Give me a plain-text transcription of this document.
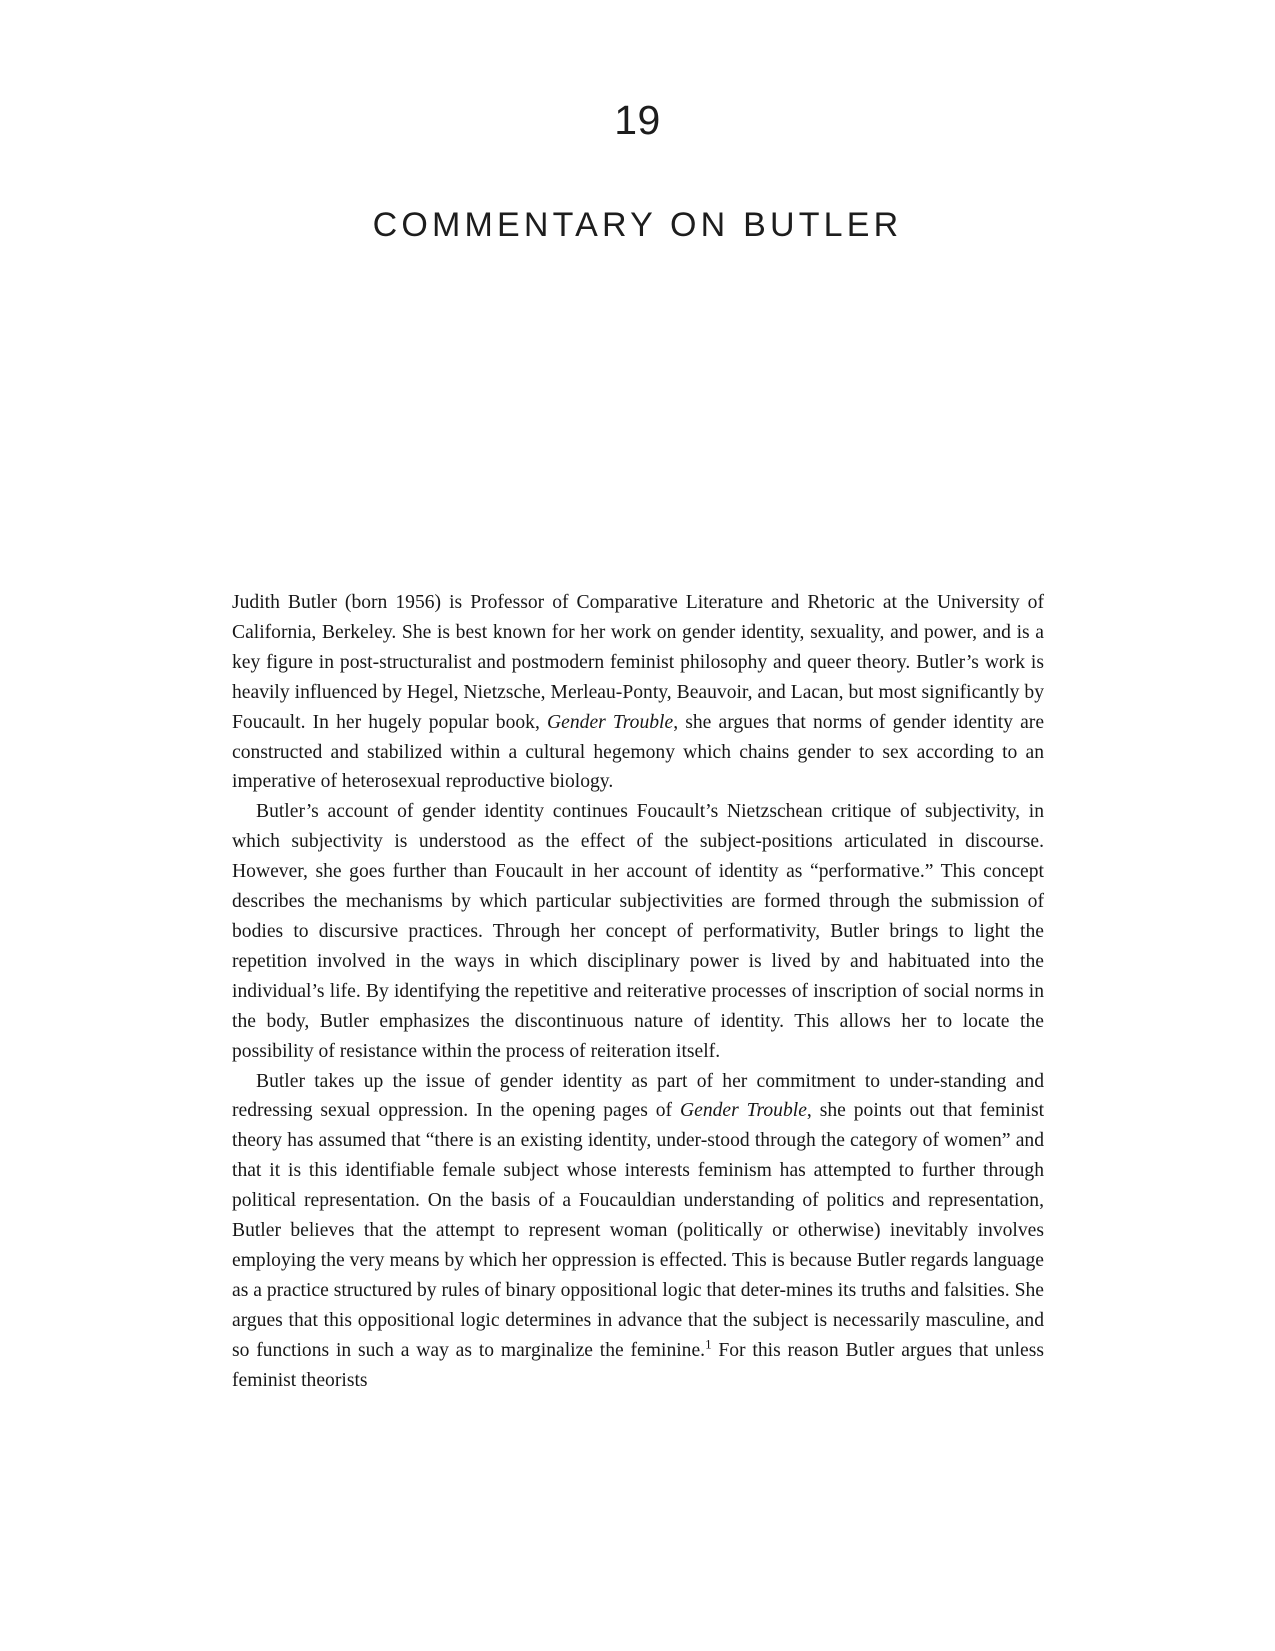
19
COMMENTARY ON BUTLER

Judith Butler (born 1956) is Professor of Comparative Literature and Rhetoric at the University of California, Berkeley. She is best known for her work on gender identity, sexuality, and power, and is a key figure in post-structuralist and postmodern feminist philosophy and queer theory. Butler’s work is heavily influenced by Hegel, Nietzsche, Merleau-Ponty, Beauvoir, and Lacan, but most significantly by Foucault. In her hugely popular book, Gender Trouble, she argues that norms of gender identity are constructed and stabilized within a cultural hegemony which chains gender to sex according to an imperative of heterosexual reproductive biology.

Butler’s account of gender identity continues Foucault’s Nietzschean critique of subjectivity, in which subjectivity is understood as the effect of the subject-positions articulated in discourse. However, she goes further than Foucault in her account of identity as “performative.” This concept describes the mechanisms by which particular subjectivities are formed through the submission of bodies to discursive practices. Through her concept of performativity, Butler brings to light the repetition involved in the ways in which disciplinary power is lived by and habituated into the individual’s life. By identifying the repetitive and reiterative processes of inscription of social norms in the body, Butler emphasizes the discontinuous nature of identity. This allows her to locate the possibility of resistance within the process of reiteration itself.

Butler takes up the issue of gender identity as part of her commitment to under-standing and redressing sexual oppression. In the opening pages of Gender Trouble, she points out that feminist theory has assumed that “there is an existing identity, under-stood through the category of women” and that it is this identifiable female subject whose interests feminism has attempted to further through political representation. On the basis of a Foucauldian understanding of politics and representation, Butler believes that the attempt to represent woman (politically or otherwise) inevitably involves employing the very means by which her oppression is effected. This is because Butler regards language as a practice structured by rules of binary oppositional logic that deter-mines its truths and falsities. She argues that this oppositional logic determines in advance that the subject is necessarily masculine, and so functions in such a way as to marginalize the feminine.$^1$ For this reason Butler argues that unless feminist theorists
